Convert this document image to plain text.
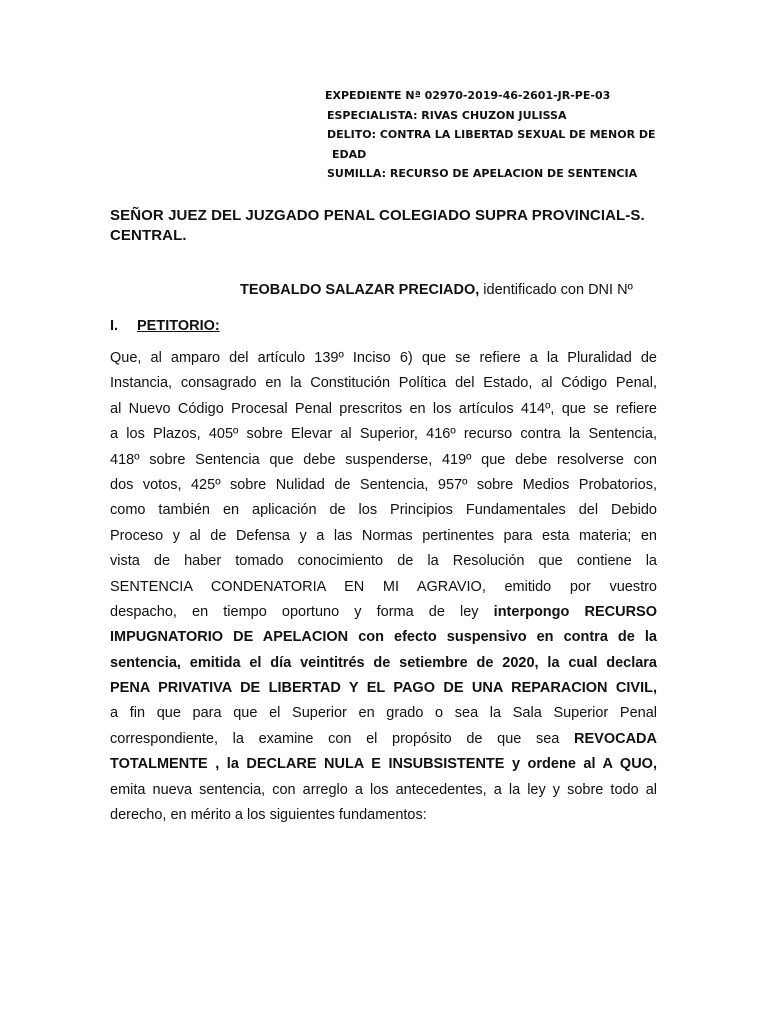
EXPEDIENTE Nª 02970-2019-46-2601-JR-PE-03
ESPECIALISTA: RIVAS CHUZON JULISSA
DELITO: CONTRA LA LIBERTAD SEXUAL DE MENOR DE
EDAD
SUMILLA: RECURSO DE APELACION DE SENTENCIA
SEÑOR JUEZ DEL JUZGADO PENAL COLEGIADO SUPRA PROVINCIAL-S.
CENTRAL.
TEOBALDO SALAZAR PRECIADO, identificado con DNI Nº
I. PETITORIO:
Que, al amparo del artículo 139º Inciso 6) que se refiere a la Pluralidad de
Instancia, consagrado en la Constitución Política del Estado, al Código Penal,
al Nuevo Código Procesal Penal prescritos en los artículos 414º, que se refiere
a los Plazos, 405º sobre Elevar al Superior, 416º recurso contra la Sentencia,
418º sobre Sentencia que debe suspenderse, 419º que debe resolverse con
dos votos, 425º sobre Nulidad de Sentencia, 957º sobre Medios Probatorios,
como también en aplicación de los Principios Fundamentales del Debido
Proceso y al de Defensa y a las Normas pertinentes para esta materia; en
vista de haber tomado conocimiento de la Resolución que contiene la
SENTENCIA CONDENATORIA EN MI AGRAVIO, emitido por vuestro
despacho, en tiempo oportuno y forma de ley interpongo RECURSO
IMPUGNATORIO DE APELACION con efecto suspensivo en contra de la
sentencia, emitida el día veintitrés de setiembre de 2020, la cual declara
PENA PRIVATIVA DE LIBERTAD Y EL PAGO DE UNA REPARACION CIVIL,
a fin que para que el Superior en grado o sea la Sala Superior Penal
correspondiente, la examine con el propósito de que sea REVOCADA
TOTALMENTE , la DECLARE NULA E INSUBSISTENTE y ordene al A QUO,
emita nueva sentencia, con arreglo a los antecedentes, a la ley y sobre todo al
derecho, en mérito a los siguientes fundamentos:
